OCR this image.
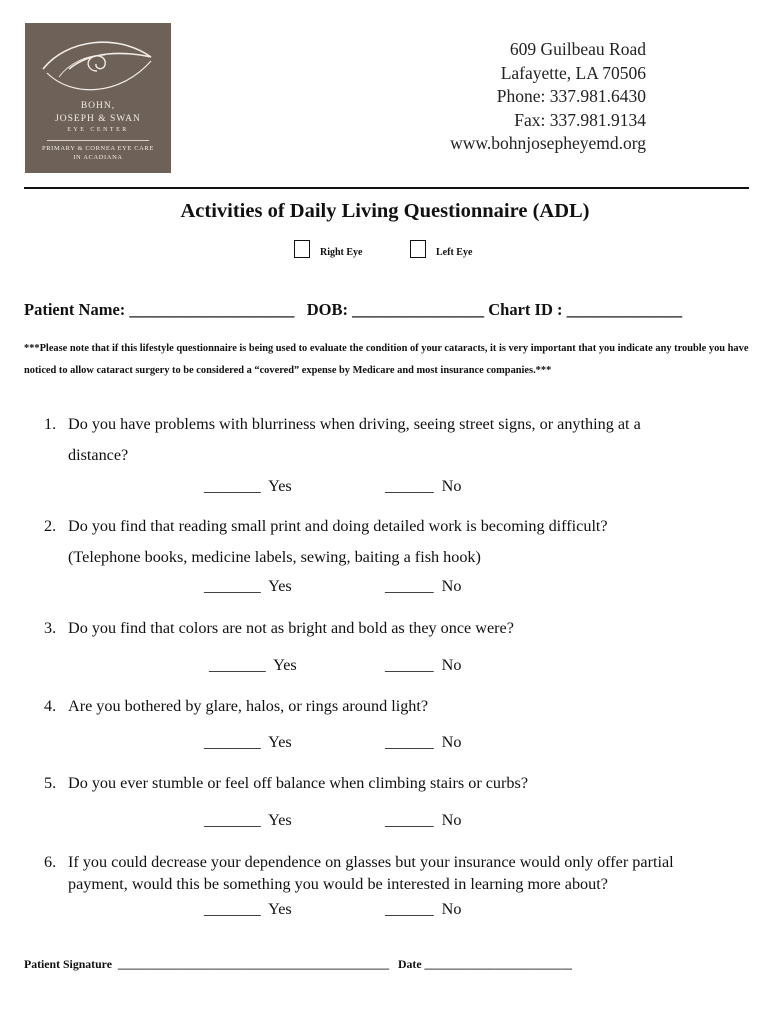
BOHN,
JOSEPH & SWAN
EYE CENTER
PRIMARY & CORNEA EYE CARE
IN ACADIANA
609 Guilbeau Road
Lafayette, LA 70506
Phone: 337.981.6430
Fax: 337.981.9134
www.bohnjosepheyemd.org
Activities of Daily Living Questionnaire (ADL)
Right Eye	Left Eye
Patient Name: ____________________   DOB: ________________ Chart ID : ______________
***Please note that if this lifestyle questionnaire is being used to evaluate the condition of your cataracts, it is very important that you indicate any trouble you have noticed to allow cataract surgery to be considered a “covered” expense by Medicare and most insurance companies.***
1. Do you have problems with blurriness when driving, seeing street signs, or anything at a
distance?
_______  Yes	______  No
2. Do you find that reading small print and doing detailed work is becoming difficult?
(Telephone books, medicine labels, sewing, baiting a fish hook)
_______  Yes	______  No
3. Do you find that colors are not as bright and bold as they once were?
_______  Yes	______  No
4. Are you bothered by glare, halos, or rings around light?
_______  Yes	______  No
5. Do you ever stumble or feel off balance when climbing stairs or curbs?
_______  Yes	______  No
6. If you could decrease your dependence on glasses but your insurance would only offer partial
payment, would this be something you would be interested in learning more about?
_______  Yes	______  No
Patient Signature  ______________________________________________   Date _________________________
